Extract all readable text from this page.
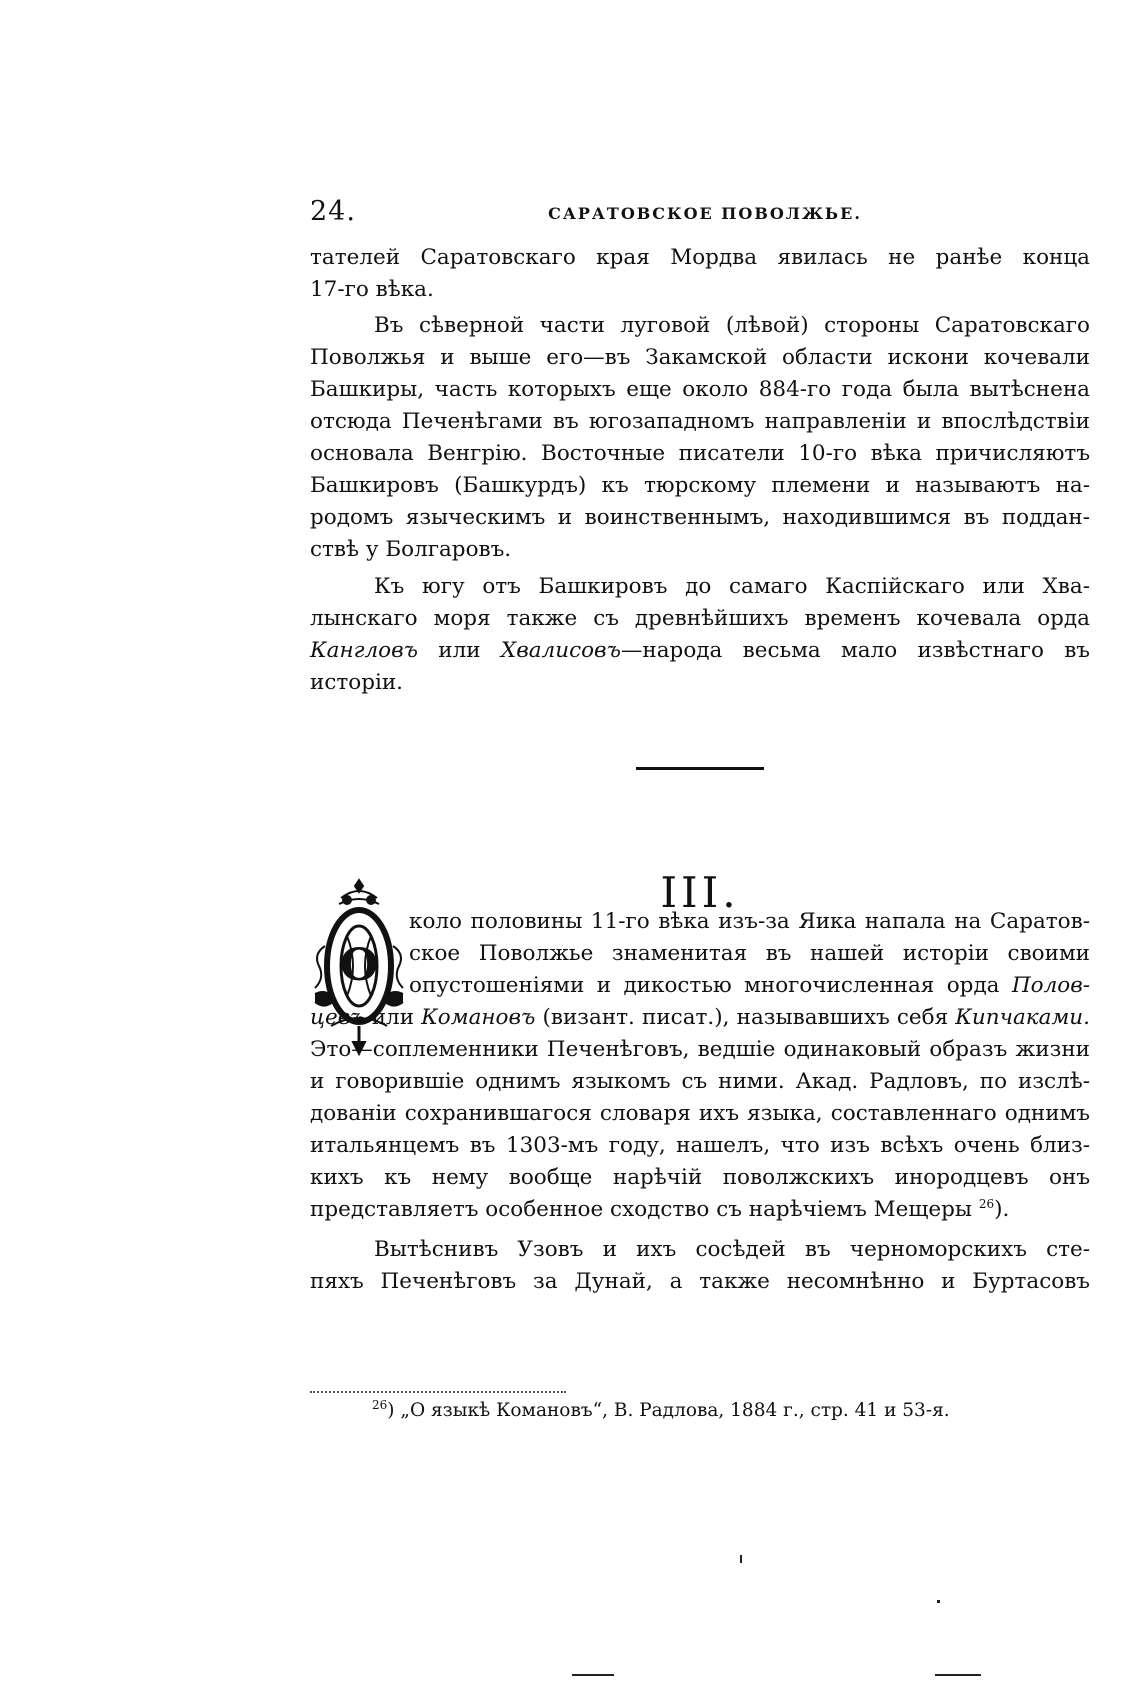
24.	САРАТОВСКОЕ ПОВОЛЖЬЕ.

тателей Саратовскаго края Мордва явилась не ранѣе конца
17-го вѣка.

Въ сѣверной части луговой (лѣвой) стороны Саратовскаго
Поволжья и выше его—въ Закамской области искони кочевали
Башкиры, часть которыхъ еще около 884-го года была вытѣснена
отсюда Печенѣгами въ югозападномъ направленіи и впослѣдствіи
основала Венгрію. Восточные писатели 10-го вѣка причисляютъ
Башкировъ (Башкурдъ) къ тюрскому племени и называютъ на-
родомъ языческимъ и воинственнымъ, находившимся въ поддан-
ствѣ у Болгаровъ.

Къ югу отъ Башкировъ до самаго Каспійскаго или Хва-
лынскаго моря также съ древнѣйшихъ временъ кочевала орда
Кангловъ или Хвалисовъ—народа весьма мало извѣстнаго въ
исторіи.

III.
О

коло половины 11-го вѣка изъ-за Яика напала на Саратов-
ское Поволжье знаменитая въ нашей исторіи своими
опустошеніями и дикостью многочисленная орда Полов-
цевъ или Комановъ (визант. писат.), называвшихъ себя Кипчаками.
Это—соплеменники Печенѣговъ, ведшіе одинаковый образъ жизни
и говорившіе однимъ языкомъ съ ними. Акад. Радловъ, по изслѣ-
дованіи сохранившагося словаря ихъ языка, составленнаго однимъ
итальянцемъ въ 1303-мъ году, нашелъ, что изъ всѣхъ очень близ-
кихъ къ нему вообще нарѣчій поволжскихъ инородцевъ онъ
представляетъ особенное сходство съ нарѣчіемъ Мещеры $^{26}$).

Вытѣснивъ Узовъ и ихъ сосѣдей въ черноморскихъ сте-
пяхъ Печенѣговъ за Дунай, а также несомнѣнно и Буртасовъ

$^{26}$) „О языкѣ Комановъ“, В. Радлова, 1884 г., стр. 41 и 53-я.
